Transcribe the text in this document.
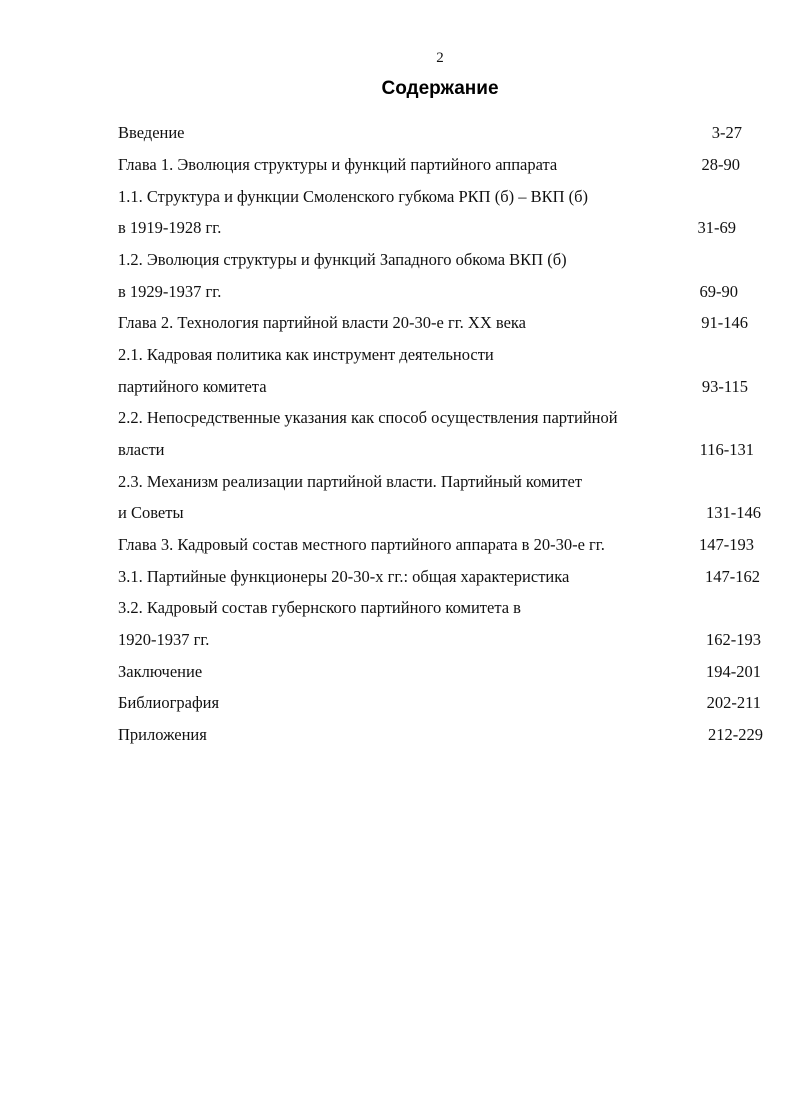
2
Содержание
Введение	3-27
Глава 1. Эволюция структуры и функций партийного аппарата	28-90
1.1. Структура и функции Смоленского губкома РКП (б) – ВКП (б)
в 1919-1928 гг.	31-69
1.2. Эволюция структуры и функций Западного обкома ВКП (б)
в 1929-1937 гг.	69-90
Глава 2. Технология партийной власти 20-30-е гг. XX века	91-146
2.1. Кадровая политика как инструмент деятельности
партийного комитета	93-115
2.2. Непосредственные указания как способ осуществления партийной
власти	116-131
2.3. Механизм реализации партийной власти. Партийный комитет
и Советы	131-146
Глава 3. Кадровый состав местного партийного аппарата в 20-30-е гг.	147-193
3.1. Партийные функционеры 20-30-х гг.: общая характеристика	147-162
3.2. Кадровый состав губернского партийного комитета в
1920-1937 гг.	162-193
Заключение	194-201
Библиография	202-211
Приложения	212-229
